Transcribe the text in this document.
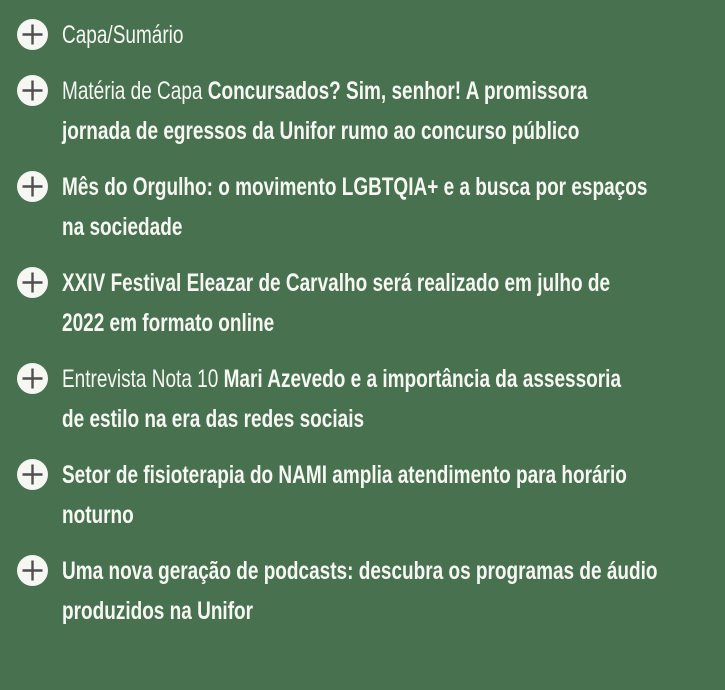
Capa/Sumário
Matéria de Capa Concursados? Sim, senhor! A promissora
jornada de egressos da Unifor rumo ao concurso público
Mês do Orgulho: o movimento LGBTQIA+ e a busca por espaços
na sociedade
XXIV Festival Eleazar de Carvalho será realizado em julho de
2022 em formato online
Entrevista Nota 10 Mari Azevedo e a importância da assessoria
de estilo na era das redes sociais
Setor de fisioterapia do NAMI amplia atendimento para horário
noturno
Uma nova geração de podcasts: descubra os programas de áudio
produzidos na Unifor
